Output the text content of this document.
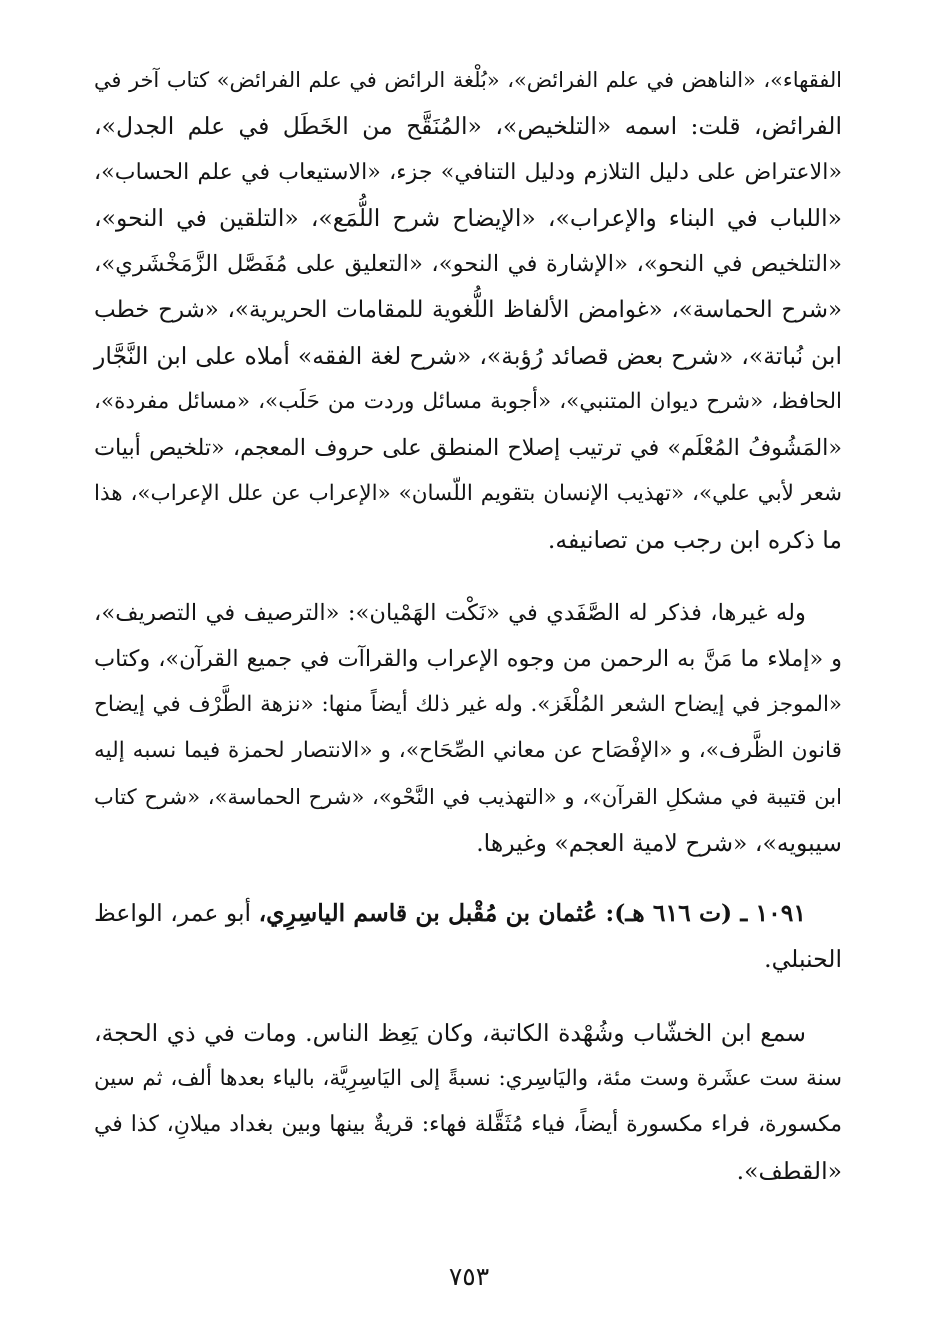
الفقهاء»، «الناهض في علم الفرائض»، «بُلْغة الرائض في علم الفرائض» كتاب آخر في
الفرائض، قلت: اسمه «التلخيص»، «المُنَقَّح من الخَطَل في علم الجدل»،
«الاعتراض على دليل التلازم ودليل التنافي» جزء، «الاستيعاب في علم الحساب»،
«اللباب في البناء والإعراب»، «الإيضاح شرح اللُّمَع»، «التلقين في النحو»،
«التلخيص في النحو»، «الإشارة في النحو»، «التعليق على مُفَصَّل الزَّمَخْشَري»،
«شرح الحماسة»، «غوامض الألفاظ اللُّغوية للمقامات الحريرية»، «شرح خطب
ابن نُباتة»، «شرح بعض قصائد رُؤبة»، «شرح لغة الفقه» أملاه على ابن النَّجَّار
الحافظ، «شرح ديوان المتنبي»، «أجوبة مسائل وردت من حَلَب»، «مسائل مفردة»،
«المَشُوفُ المُعْلَم» في ترتيب إصلاح المنطق على حروف المعجم، «تلخيص أبيات
شعر لأبي علي»، «تهذيب الإنسان بتقويم اللّسان» «الإعراب عن علل الإعراب»، هذا
ما ذكره ابن رجب من تصانيفه.

وله غيرها، فذكر له الصَّفَدي في «نَكْت الهَمْيان»: «الترصيف في التصريف»،
و «إملاء ما مَنَّ به الرحمن من وجوه الإعراب والقراآت في جميع القرآن»، وكتاب
«الموجز في إيضاح الشعر المُلْغَز». وله غير ذلك أيضاً منها: «نزهة الطَّرْف في إيضاح
قانون الظَّرف»، و «الإفْصَاح عن معاني الصِّحَاح»، و «الانتصار لحمزة فيما نسبه إليه
ابن قتيبة في مشكلِ القرآن»، و «التهذيب في النَّحْو»، «شرح الحماسة»، «شرح كتاب
سيبويه»، «شرح لامية العجم» وغيرها.

١٠٩١ ـ (ت ٦١٦ هـ): عُثمان بن مُقْبل بن قاسم الياسِرِي، أبو عمر، الواعظ
الحنبلي.

سمع ابن الخشّاب وشُهْدة الكاتبة، وكان يَعِظ الناس. ومات في ذي الحجة،
سنة ست عشَرة وست مئة، واليَاسِري: نسبةً إلى اليَاسِرِيَّة، بالياء بعدها ألف، ثم سين
مكسورة، فراء مكسورة أيضاً، فياء مُثَقَّلة فهاء: قريةٌ بينها وبين بغداد ميلانِ، كذا في
«القطف».

٧٥٣
